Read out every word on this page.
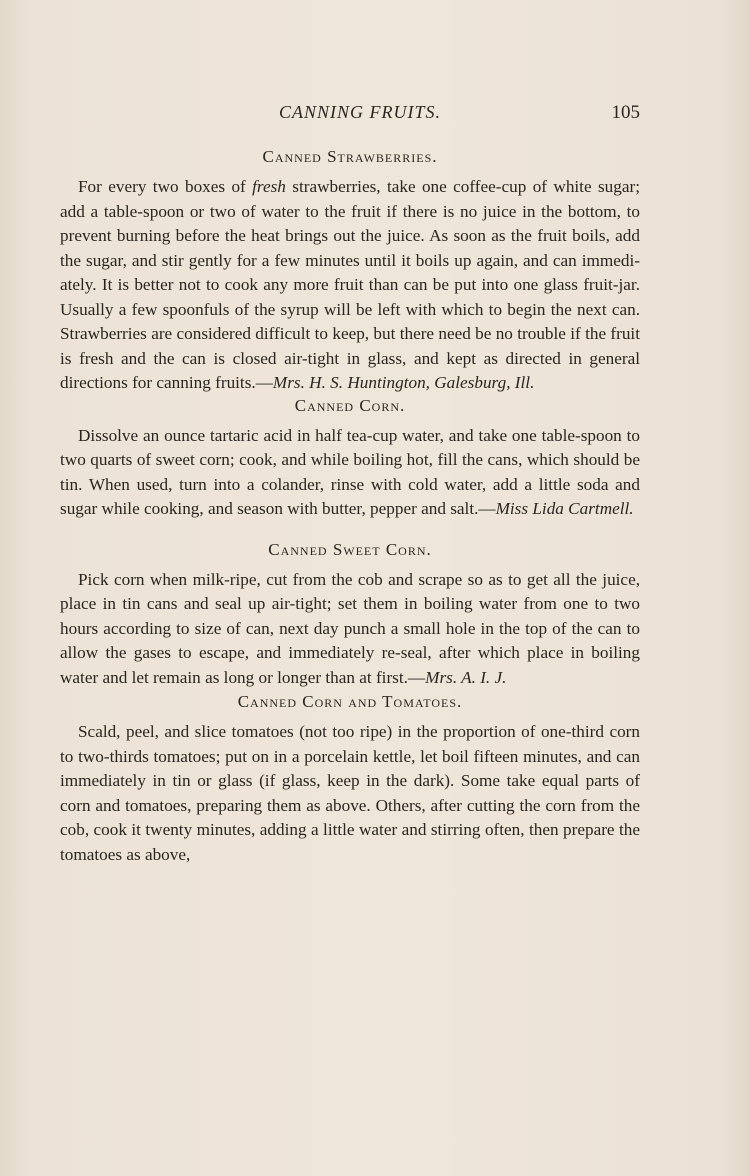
CANNING FRUITS.	105
Canned Strawberries.

For every two boxes of fresh strawberries, take one coffee-cup of white sugar; add a table-spoon or two of water to the fruit if there is no juice in the bottom, to prevent burning before the heat brings out the juice. As soon as the fruit boils, add the sugar, and stir gently for a few minutes until it boils up again, and can immediately. It is better not to cook any more fruit than can be put into one glass fruit-jar. Usually a few spoonfuls of the syrup will be left with which to begin the next can. Strawberries are considered difficult to keep, but there need be no trouble if the fruit is fresh and the can is closed air-tight in glass, and kept as directed in general directions for canning fruits.—Mrs. H. S. Huntington, Galesburg, Ill.

Canned Corn.

Dissolve an ounce tartaric acid in half tea-cup water, and take one table-spoon to two quarts of sweet corn; cook, and while boiling hot, fill the cans, which should be tin. When used, turn into a colander, rinse with cold water, add a little soda and sugar while cooking, and season with butter, pepper and salt.—Miss Lida Cartmell.

Canned Sweet Corn.

Pick corn when milk-ripe, cut from the cob and scrape so as to get all the juice, place in tin cans and seal up air-tight; set them in boiling water from one to two hours according to size of can, next day punch a small hole in the top of the can to allow the gases to escape, and immediately re-seal, after which place in boiling water and let remain as long or longer than at first.—Mrs. A. I. J.

Canned Corn and Tomatoes.

Scald, peel, and slice tomatoes (not too ripe) in the proportion of one-third corn to two-thirds tomatoes; put on in a porcelain kettle, let boil fifteen minutes, and can immediately in tin or glass (if glass, keep in the dark). Some take equal parts of corn and tomatoes, preparing them as above. Others, after cutting the corn from the cob, cook it twenty minutes, adding a little water and stirring often, then prepare the tomatoes as above,
